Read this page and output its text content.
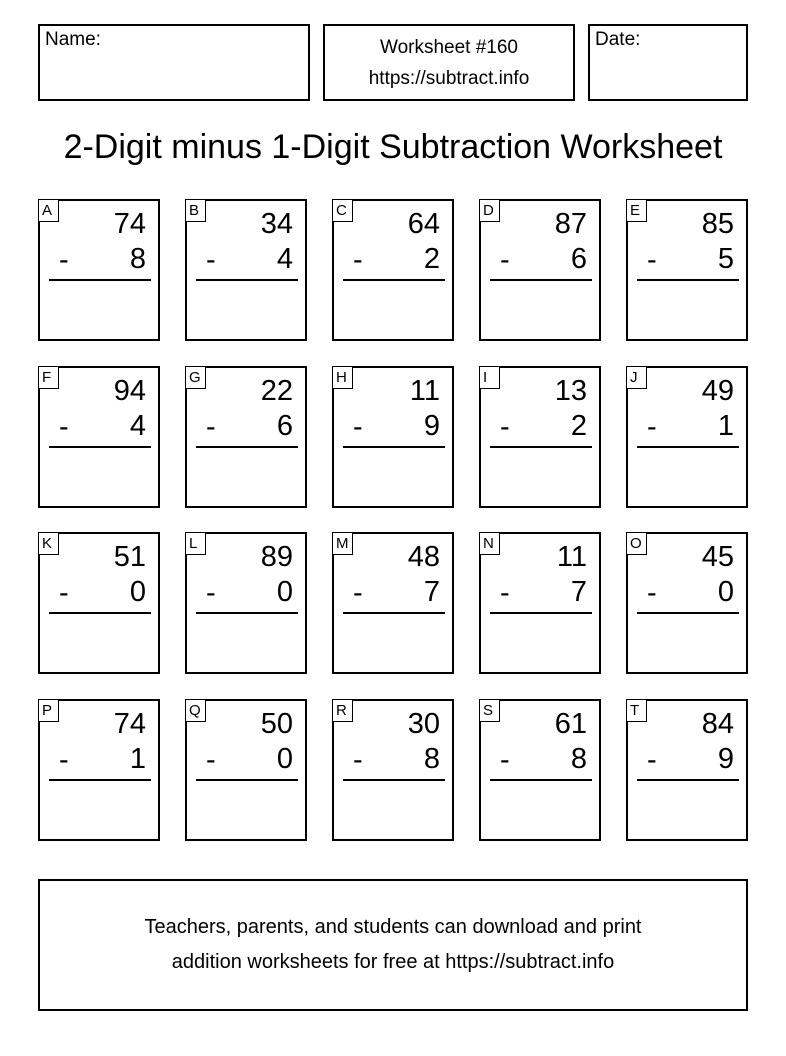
Name:	Worksheet #160
https://subtract.info
Date:
2-Digit minus 1-Digit Subtraction Worksheet
A 74
- 8
B 34
- 4
C 64
- 2
D 87
- 6
E 85
- 5
F 94
- 4
G 22
- 6
H 11
- 9
I	13
- 2
J	49
- 1
K 51
- 0
L 89
- 0
M 48
- 7
N 11
- 7
O 45
- 0
P 74
- 1
Q 50
- 0
R 30
- 8
S 61
- 8
T 84
- 9
Teachers, parents, and students can download and print
addition worksheets for free at https://subtract.info
